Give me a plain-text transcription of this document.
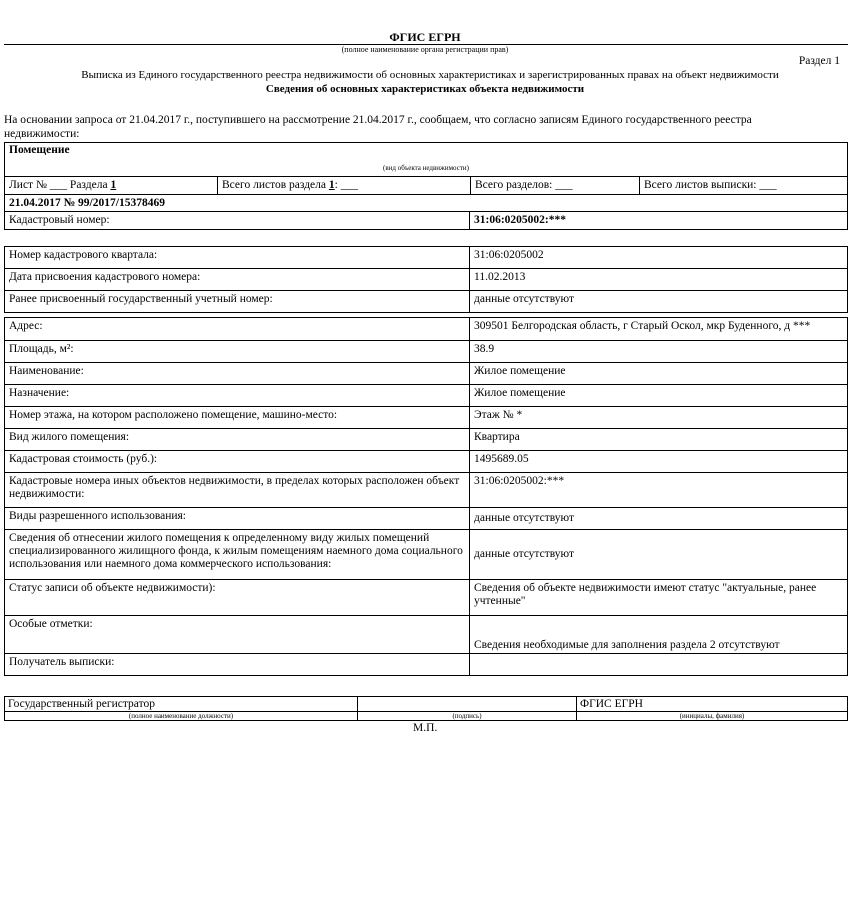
ФГИС ЕГРН
(полное наименование органа регистрации прав)
Раздел 1
Выписка из Единого государственного реестра недвижимости об основных характеристиках и зарегистрированных правах на объект недвижимости
Сведения об основных характеристиках объекта недвижимости
На основании запроса от 21.04.2017 г., поступившего на рассмотрение 21.04.2017 г., сообщаем, что согласно записям Единого государственного реестра недвижимости:
Помещение
(вид объекта недвижимости)

Лист № ___ Раздела 1	Всего листов раздела 1: ___	Всего разделов: ___	Всего листов выписки: ___
21.04.2017 № 99/2017/15378469
Кадастровый номер:	31:06:0205002:***
Номер кадастрового квартала:	31:06:0205002
Дата присвоения кадастрового номера:	11.02.2013
Ранее присвоенный государственный учетный номер:	данные отсутствуют
Адрес:	309501 Белгородская область, г Старый Оскол, мкр Буденного, д ***
Площадь, м²:	38.9
Наименование:	Жилое помещение
Назначение:	Жилое помещение
Номер этажа, на котором расположено помещение, машино-место:	Этаж № *
Вид жилого помещения:	Квартира
Кадастровая стоимость (руб.):	1495689.05
Кадастровые номера иных объектов недвижимости, в пределах которых расположен объект недвижимости:	31:06:0205002:***
Виды разрешенного использования:	данные отсутствуют
Сведения об отнесении жилого помещения к определенному виду жилых помещений специализированного жилищного фонда, к жилым помещениям наемного дома социального использования или наемного дома коммерческого использования:	данные отсутствуют
Статус записи об объекте недвижимости):	Сведения об объекте недвижимости имеют статус "актуальные, ранее учтенные"
Особые отметки:	Сведения необходимые для заполнения раздела 2 отсутствуют
Получатель выписки:	
Государственный регистратор		ФГИС ЕГРН

(полное наименование должности)	(подпись)	(инициалы, фамилия)
М.П.
